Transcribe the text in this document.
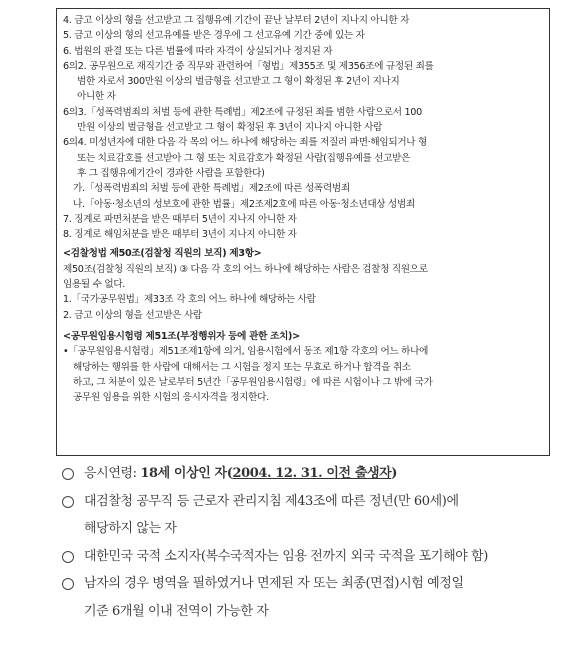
4. 금고 이상의 형을 선고받고 그 집행유예 기간이 끝난 날부터 2년이 지나지 아니한 자
5. 금고 이상의 형의 선고유예를 받은 경우에 그 선고유예 기간 중에 있는 자
6. 법원의 판결 또는 다른 법률에 따라 자격이 상실되거나 정지된 자
6의2. 공무원으로 재직기간 중 직무와 관련하여「형법」제355조 및 제356조에 규정된 죄를
범한 자로서 300만원 이상의 벌금형을 선고받고 그 형이 확정된 후 2년이 지나지
아니한 자
6의3.「성폭력범죄의 처벌 등에 관한 특례법」제2조에 규정된 죄를 범한 사람으로서 100
만원 이상의 벌금형을 선고받고 그 형이 확정된 후 3년이 지나지 아니한 사람
6의4. 미성년자에 대한 다음 각 목의 어느 하나에 해당하는 죄를 저질러 파면·해임되거나 형
또는 치료감호를 선고받아 그 형 또는 치료감호가 확정된 사람(집행유예를 선고받은
후 그 집행유예기간이 경과한 사람을 포함한다)
가.「성폭력범죄의 처벌 등에 관한 특례법」제2조에 따른 성폭력범죄
나.「아동·청소년의 성보호에 관한 법률」제2조제2호에 따른 아동·청소년대상 성범죄
7. 징계로 파면처분을 받은 때부터 5년이 지나지 아니한 자
8. 징계로 해임처분을 받은 때부터 3년이 지나지 아니한 자
<검찰청법 제50조(검찰청 직원의 보직) 제3항>
제50조(검찰청 직원의 보직) ③ 다음 각 호의 어느 하나에 해당하는 사람은 검찰청 직원으로
임용될 수 없다.
1.「국가공무원법」제33조 각 호의 어느 하나에 해당하는 사람
2. 금고 이상의 형을 선고받은 사람
<공무원임용시험령 제51조(부정행위자 등에 관한 조치)>
•「공무원임용시험령」제51조제1항에 의거, 임용시험에서 동조 제1항 각호의 어느 하나에
해당하는 행위를 한 사람에 대해서는 그 시험을 정지 또는 무효로 하거나 합격을 취소
하고, 그 처분이 있은 날로부터 5년간「공무원임용시험령」에 따른 시험이나 그 밖에 국가
공무원 임용을 위한 시험의 응시자격을 정지한다.
응시연령: 18세 이상인 자(2004. 12. 31. 이전 출생자)
대검찰청 공무직 등 근로자 관리지침 제43조에 따른 정년(만 60세)에
해당하지 않는 자
대한민국 국적 소지자(복수국적자는 임용 전까지 외국 국적을 포기해야 함)
남자의 경우 병역을 필하였거나 면제된 자 또는 최종(면접)시험 예정일
기준 6개월 이내 전역이 가능한 자
